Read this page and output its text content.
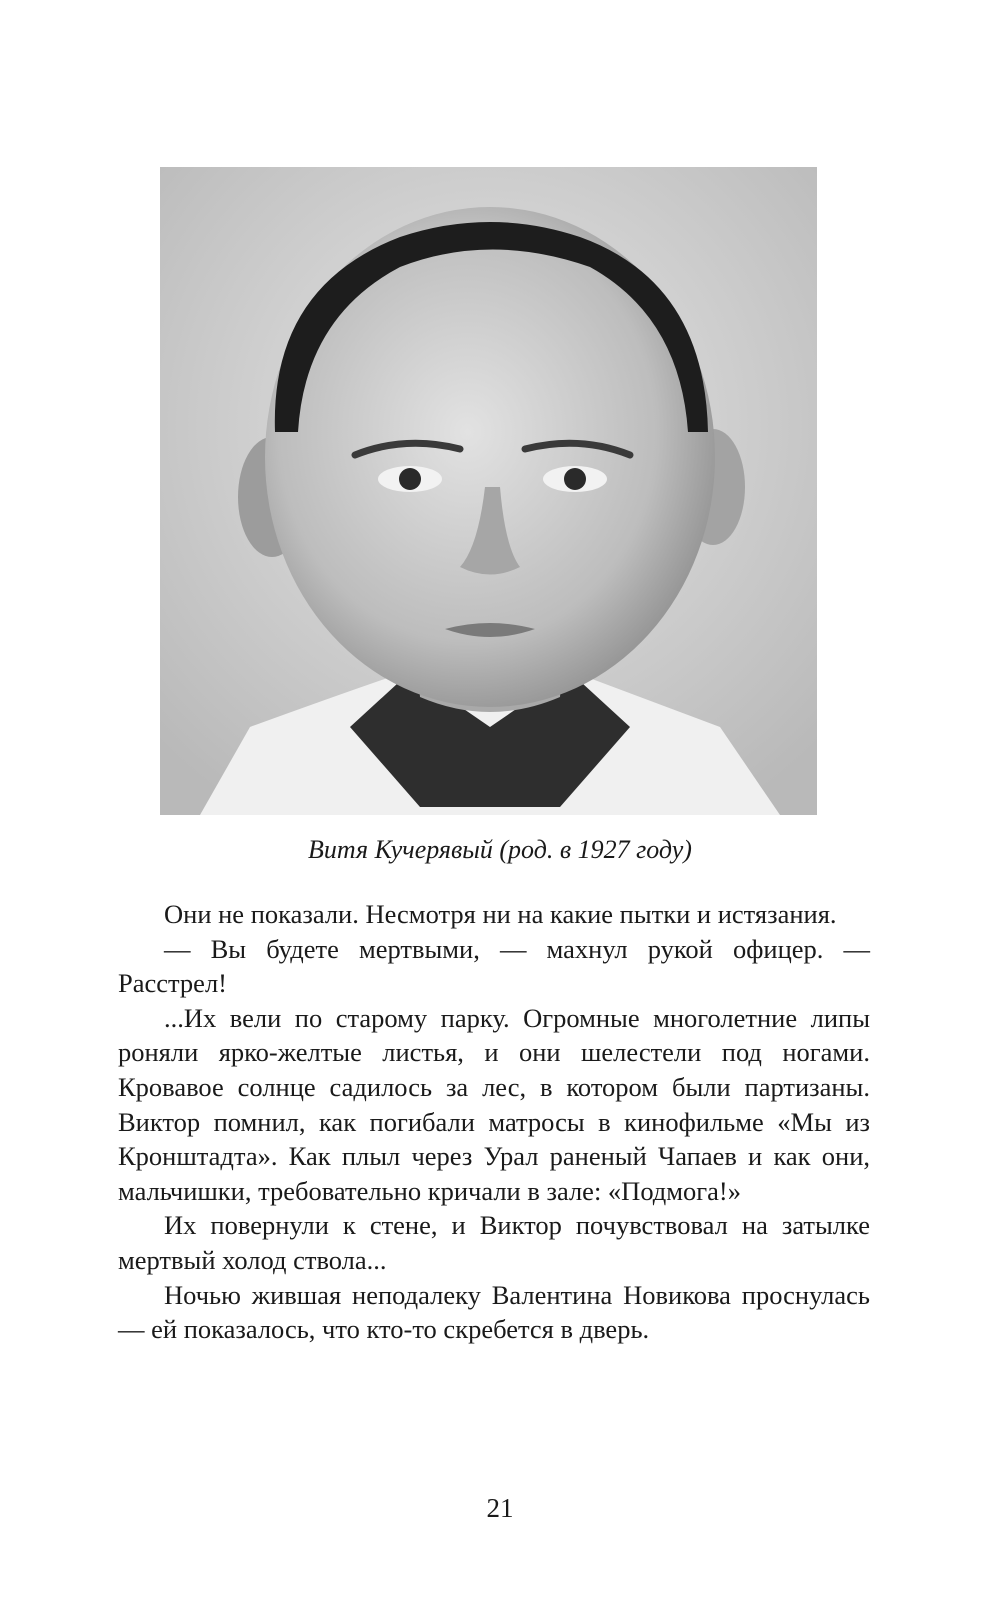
Витя Кучерявый (род. в 1927 году)

Они не показали. Несмотря ни на какие пытки и истязания.

— Вы будете мертвыми, — махнул рукой офицер. — Расстрел!

...Их вели по старому парку. Огромные многолетние липы роняли ярко-желтые листья, и они шелестели под ногами. Кровавое солнце садилось за лес, в котором были партизаны. Виктор помнил, как погибали матросы в кинофильме «Мы из Кронштадта». Как плыл через Урал раненый Чапаев и как они, мальчишки, требовательно кричали в зале: «Подмога!»

Их повернули к стене, и Виктор почувствовал на затылке мертвый холод ствола...

Ночью жившая неподалеку Валентина Новикова проснулась — ей показалось, что кто-то скребется в дверь.

21
